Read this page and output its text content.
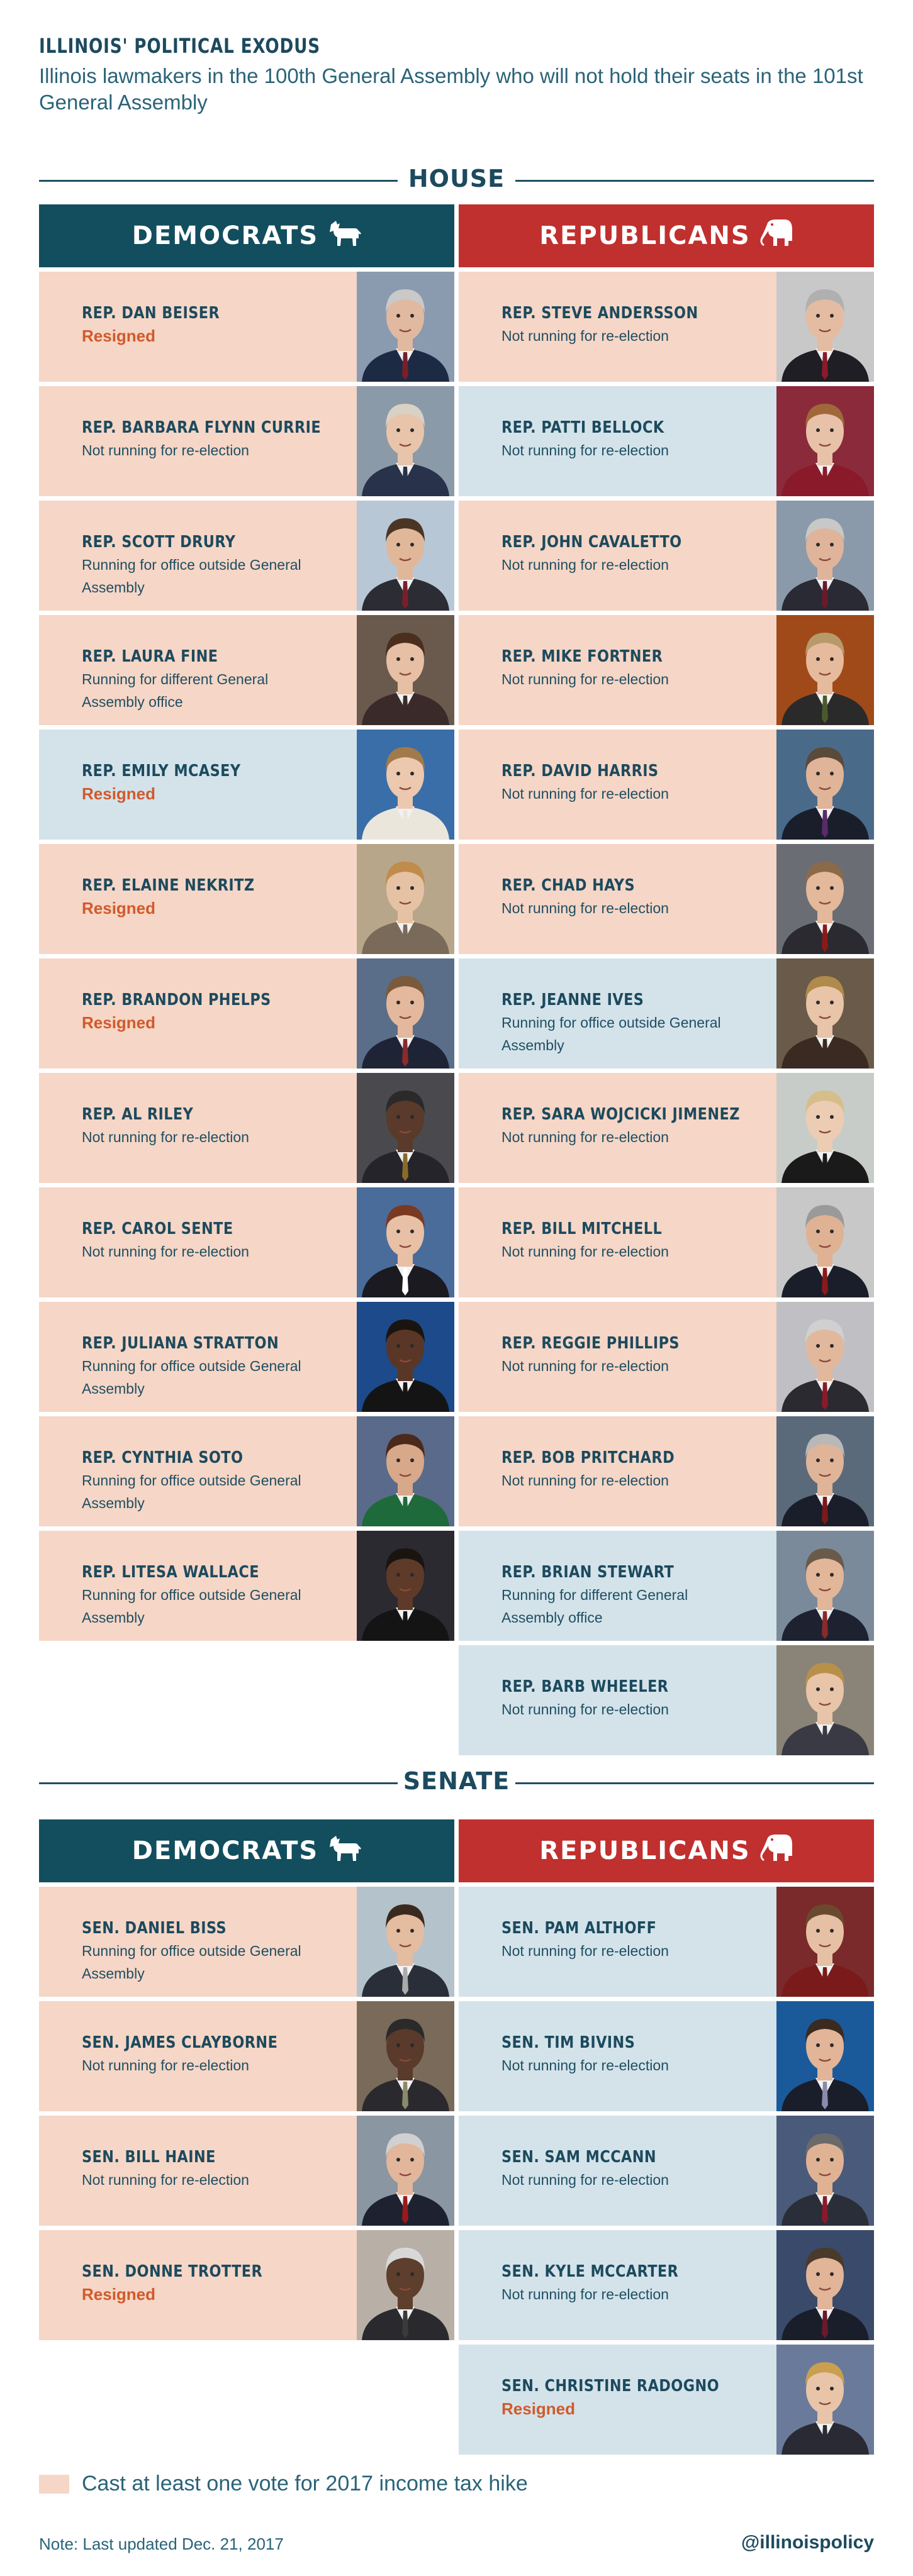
ILLINOIS' POLITICAL EXODUS
Illinois lawmakers in the 100th General Assembly who will not hold their seats in the 101st General Assembly
HOUSE
DEMOCRATS	REPUBLICANS
REP. DAN BEISER
Resigned
REP. BARBARA FLYNN CURRIE
Not running for re-election
REP. SCOTT DRURY
Running for office outside General Assembly
REP. LAURA FINE
Running for different General Assembly office
REP. EMILY MCASEY
Resigned
REP. ELAINE NEKRITZ
Resigned
REP. BRANDON PHELPS
Resigned
REP. AL RILEY
Not running for re-election
REP. CAROL SENTE
Not running for re-election
REP. JULIANA STRATTON
Running for office outside General Assembly
REP. CYNTHIA SOTO
Running for office outside General Assembly
REP. LITESA WALLACE
Running for office outside General Assembly
REP. STEVE ANDERSSON
Not running for re-election
REP. PATTI BELLOCK
Not running for re-election
REP. JOHN CAVALETTO
Not running for re-election
REP. MIKE FORTNER
Not running for re-election
REP. DAVID HARRIS
Not running for re-election
REP. CHAD HAYS
Not running for re-election
REP. JEANNE IVES
Running for office outside General Assembly
REP. SARA WOJCICKI JIMENEZ
Not running for re-election
REP. BILL MITCHELL
Not running for re-election
REP. REGGIE PHILLIPS
Not running for re-election
REP. BOB PRITCHARD
Not running for re-election
REP. BRIAN STEWART
Running for different General Assembly office
REP. BARB WHEELER
Not running for re-election
SENATE
DEMOCRATS	REPUBLICANS
SEN. DANIEL BISS
Running for office outside General Assembly
SEN. JAMES CLAYBORNE
Not running for re-election
SEN. BILL HAINE
Not running for re-election
SEN. DONNE TROTTER
Resigned
SEN. PAM ALTHOFF
Not running for re-election
SEN. TIM BIVINS
Not running for re-election
SEN. SAM MCCANN
Not running for re-election
SEN. KYLE MCCARTER
Not running for re-election
SEN. CHRISTINE RADOGNO
Resigned
Cast at least one vote for 2017 income tax hike
Note: Last updated Dec. 21, 2017	@illinoispolicy
